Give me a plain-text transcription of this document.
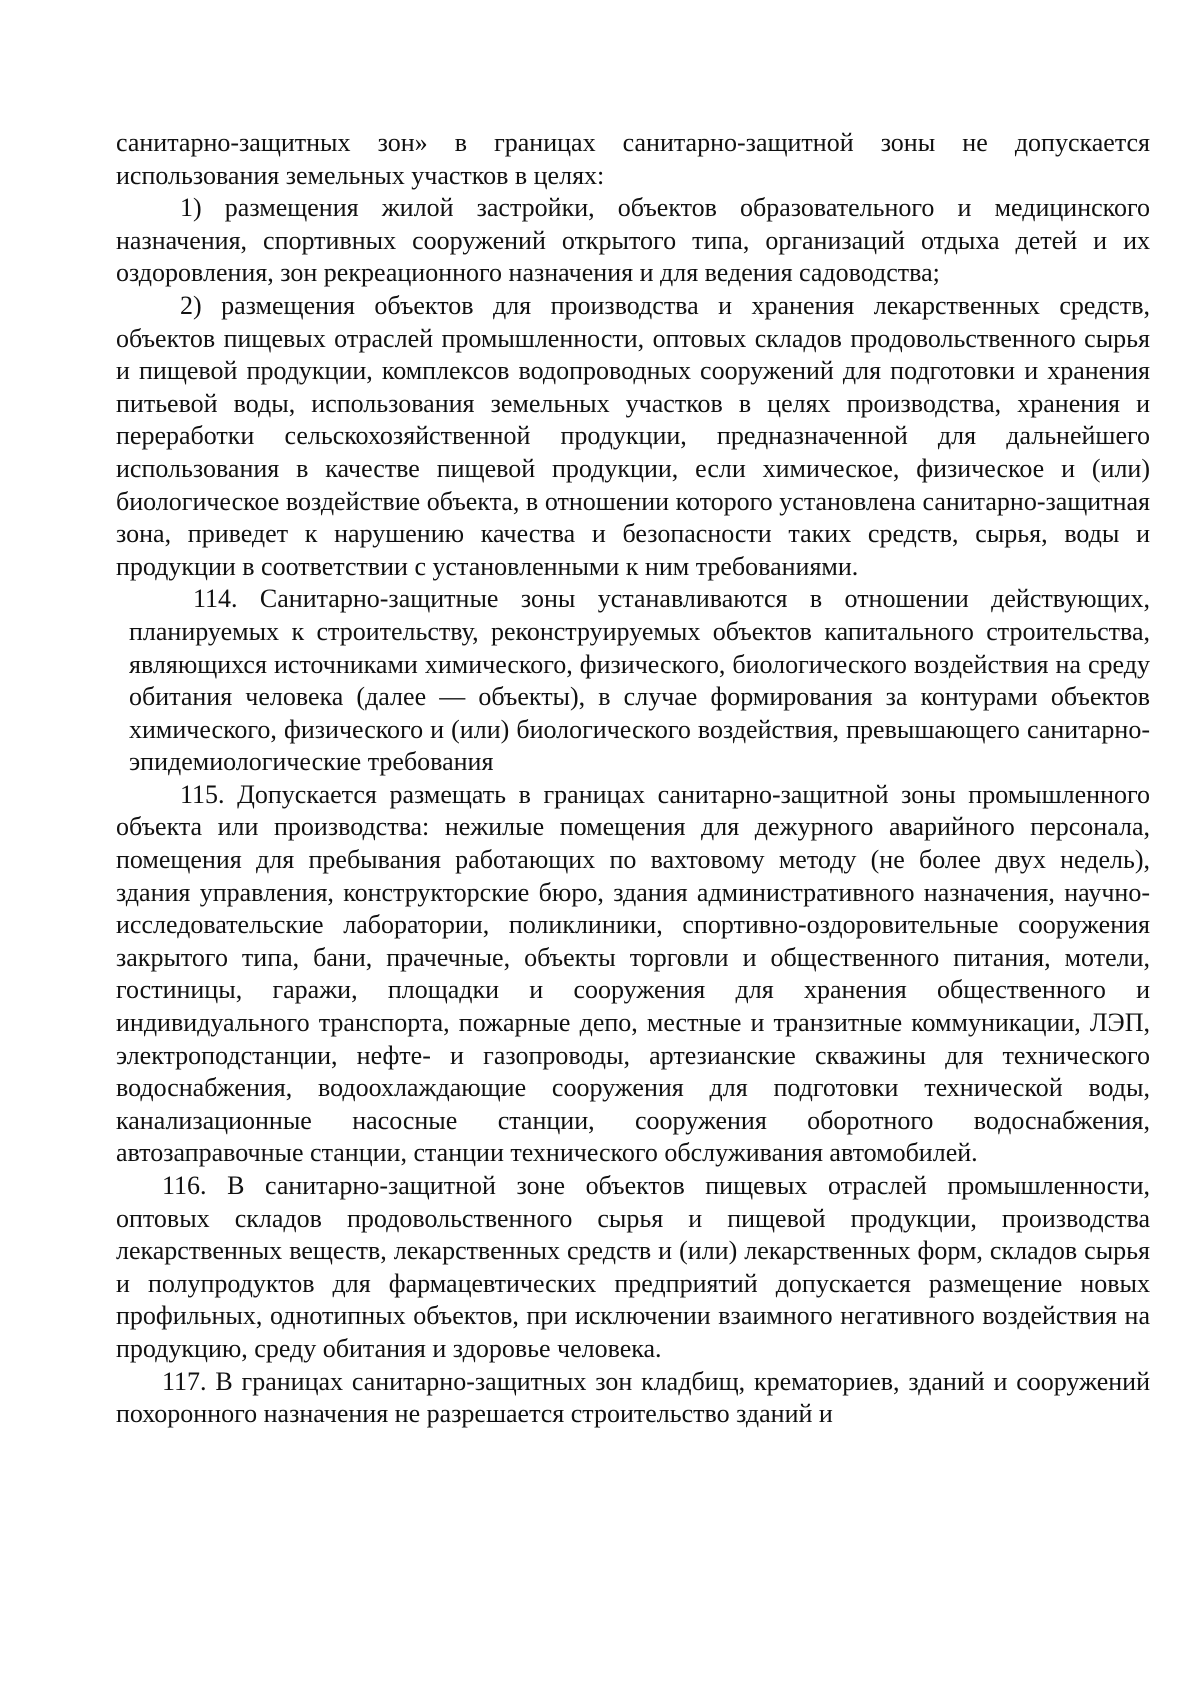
санитарно-защитных зон» в границах санитарно-защитной зоны не допускается использования земельных участков в целях:

1) размещения жилой застройки, объектов образовательного и медицинского назначения, спортивных сооружений открытого типа, организаций отдыха детей и их оздоровления, зон рекреационного назначения и для ведения садоводства;

2) размещения объектов для производства и хранения лекарственных средств, объектов пищевых отраслей промышленности, оптовых складов продовольственного сырья и пищевой продукции, комплексов водопроводных сооружений для подготовки и хранения питьевой воды, использования земельных участков в целях производства, хранения и переработки сельскохозяйственной продукции, предназначенной для дальнейшего использования в качестве пищевой продукции, если химическое, физическое и (или) биологическое воздействие объекта, в отношении которого установлена санитарно-защитная зона, приведет к нарушению качества и безопасности таких средств, сырья, воды и продукции в соответствии с установленными к ним требованиями.

114. Санитарно-защитные зоны устанавливаются в отношении действующих, планируемых к строительству, реконструируемых объектов капитального строительства, являющихся источниками химического, физического, биологического воздействия на среду обитания человека (далее — объекты), в случае формирования за контурами объектов химического, физического и (или) биологического воздействия, превышающего санитарно-эпидемиологические требования

115. Допускается размещать в границах санитарно-защитной зоны промышленного объекта или производства: нежилые помещения для дежурного аварийного персонала, помещения для пребывания работающих по вахтовому методу (не более двух недель), здания управления, конструкторские бюро, здания административного назначения, научно-исследовательские лаборатории, поликлиники, спортивно-оздоровительные сооружения закрытого типа, бани, прачечные, объекты торговли и общественного питания, мотели, гостиницы, гаражи, площадки и сооружения для хранения общественного и индивидуального транспорта, пожарные депо, местные и транзитные коммуникации, ЛЭП, электроподстанции, нефте- и газопроводы, артезианские скважины для технического водоснабжения, водоохлаждающие сооружения для подготовки технической воды, канализационные насосные станции, сооружения оборотного водоснабжения, автозаправочные станции, станции технического обслуживания автомобилей.

116. В санитарно-защитной зоне объектов пищевых отраслей промышленности, оптовых складов продовольственного сырья и пищевой продукции, производства лекарственных веществ, лекарственных средств и (или) лекарственных форм, складов сырья и полупродуктов для фармацевтических предприятий допускается размещение новых профильных, однотипных объектов, при исключении взаимного негативного воздействия на продукцию, среду обитания и здоровье человека.

117. В границах санитарно-защитных зон кладбищ, крематориев, зданий и сооружений похоронного назначения не разрешается строительство зданий и
